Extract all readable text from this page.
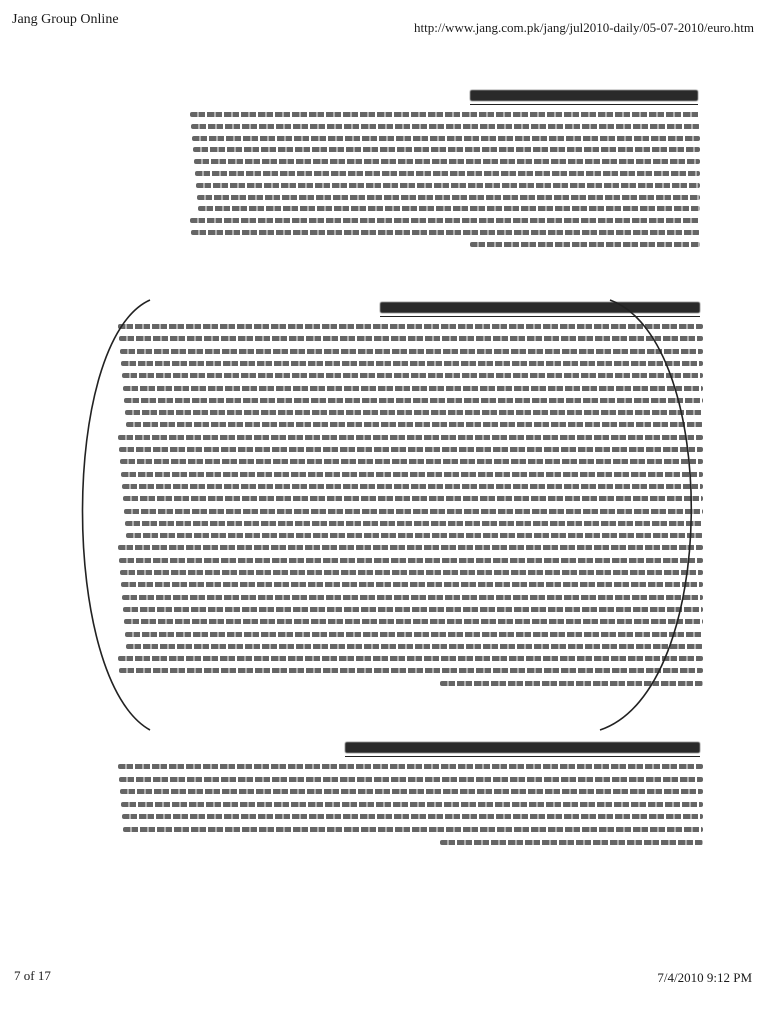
Jang Group Online
http://www.jang.com.pk/jang/jul2010-daily/05-07-2010/euro.htm
7 of 17	7/4/2010 9:12 PM
